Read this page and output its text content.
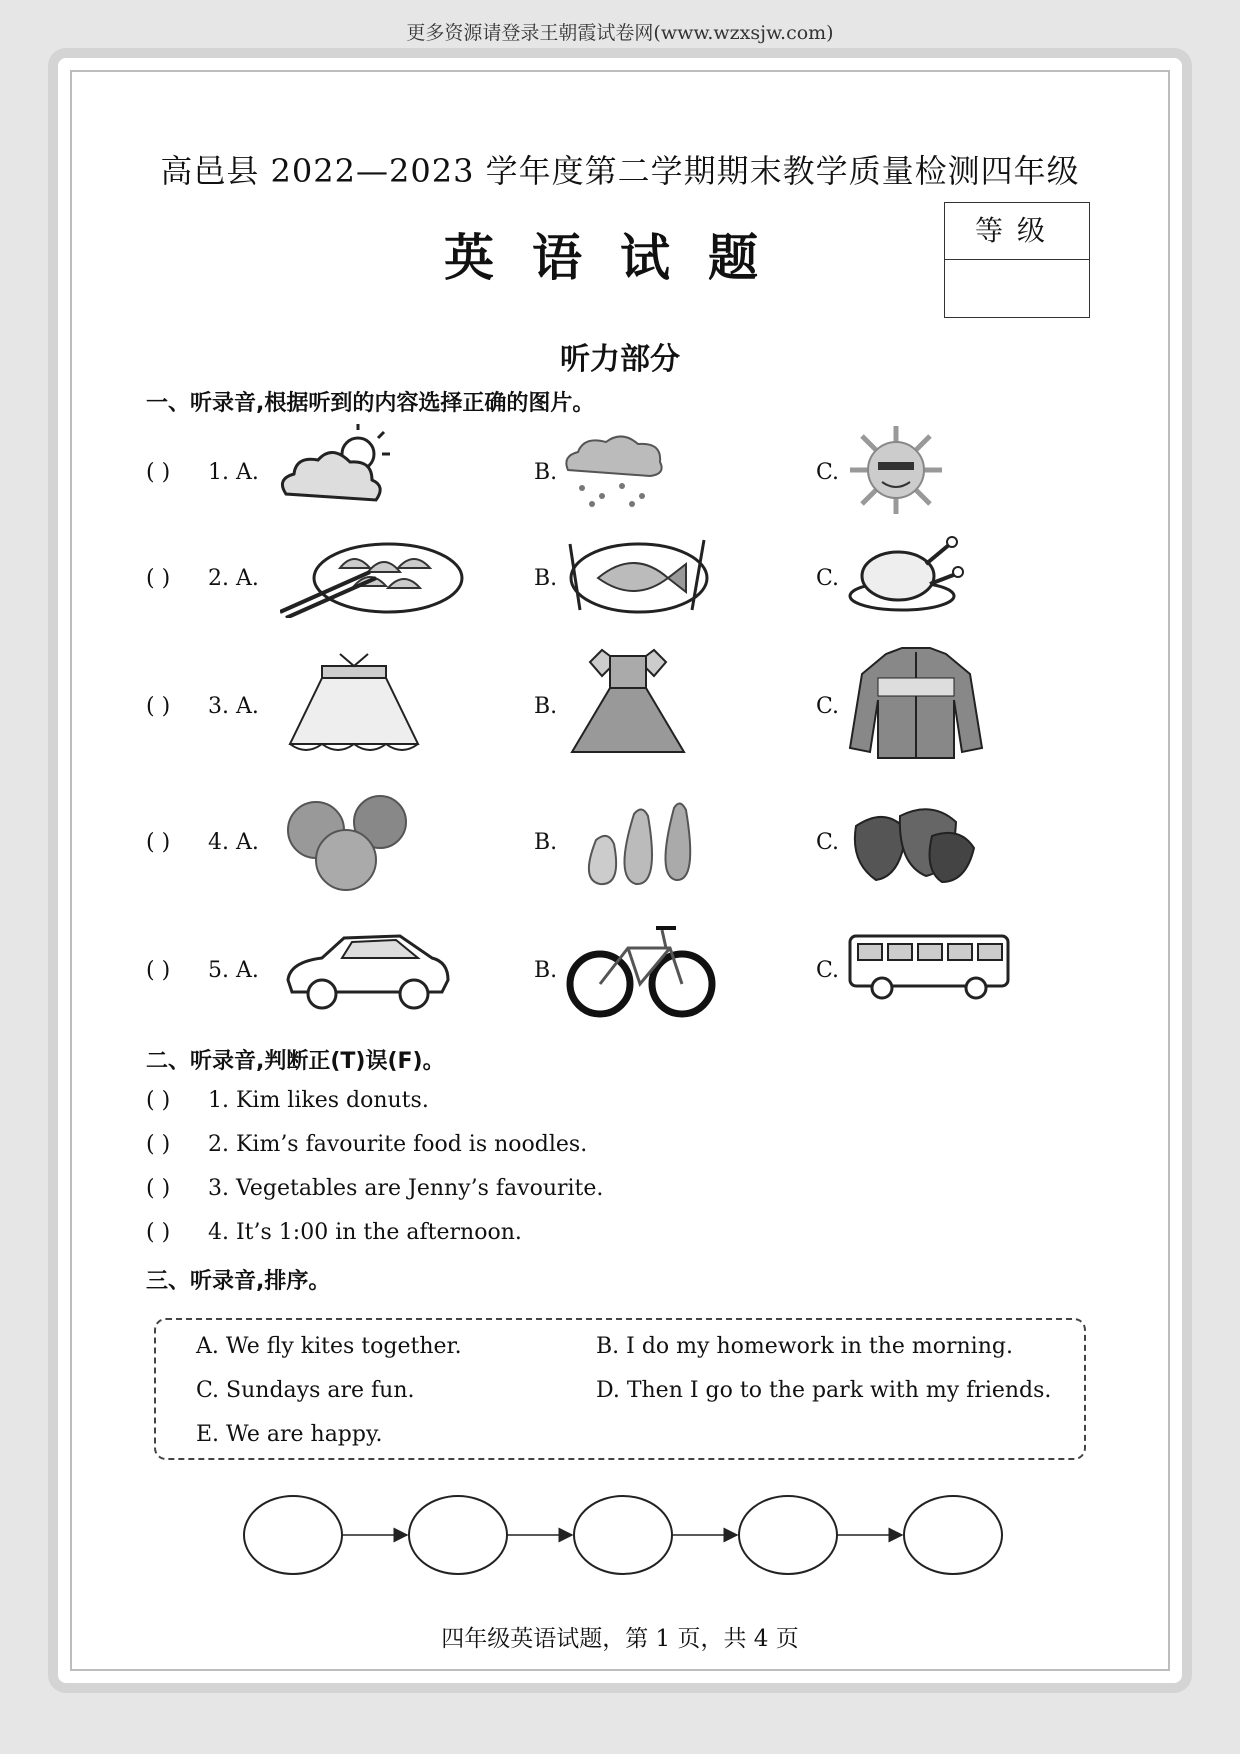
更多资源请登录王朝霞试卷网(www.wzxsjw.com)
高邑县 2022—2023 学年度第二学期期末教学质量检测四年级
英语试题	等级
听力部分
一、听录音,根据听到的内容选择正确的图片。
( ) 1. A.	B.	C.
( ) 2. A.	B.	C.
( ) 3. A.	B.	C.
( ) 4. A.	B.	C.
( ) 5. A.	B.	C.
二、听录音,判断正(T)误(F)。
( ) 1. Kim likes donuts.
( ) 2. Kim’s favourite food is noodles.
( ) 3. Vegetables are Jenny’s favourite.
( ) 4. It’s 1:00 in the afternoon.
三、听录音,排序。
A. We fly kites together.	B. I do my homework in the morning.
C. Sundays are fun.	D. Then I go to the park with my friends.
E. We are happy.
四年级英语试题，第 1 页，共 4 页
